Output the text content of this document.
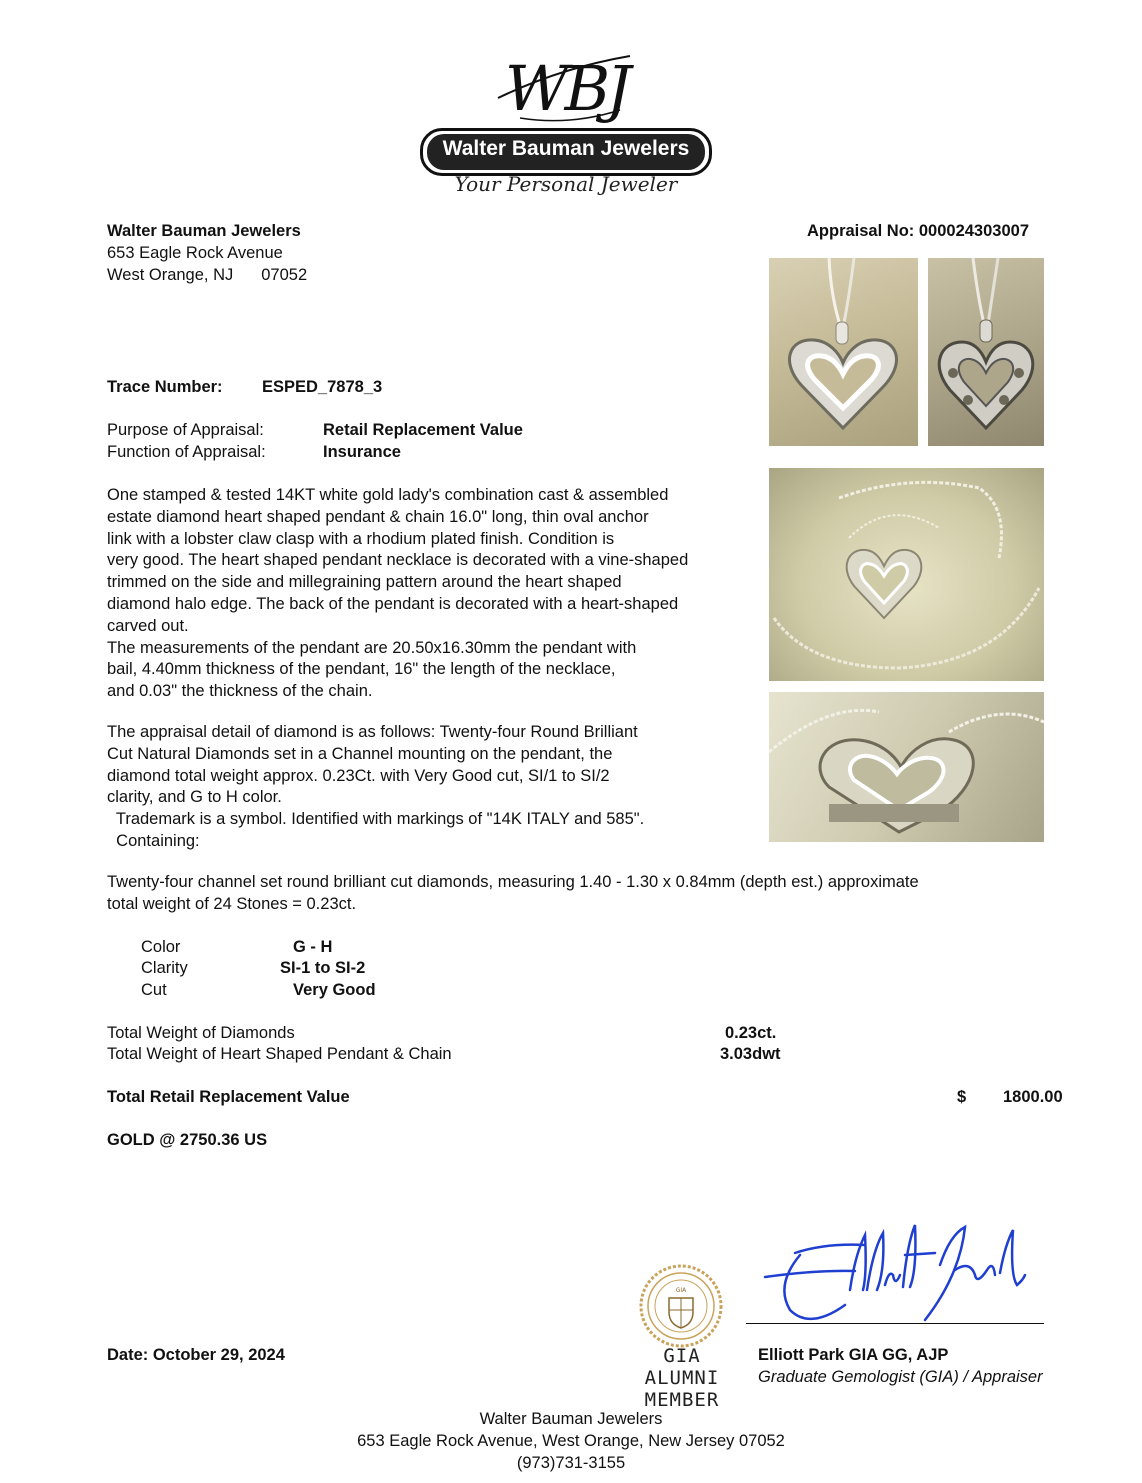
WBJ
Walter Bauman Jewelers
Your Personal Jeweler
Walter Bauman Jewelers
653 Eagle Rock Avenue
West Orange, NJ 07052
Appraisal No: 000024303007
Trace Number: ESPED_7878_3
Purpose of Appraisal:	Retail Replacement Value
Function of Appraisal:	Insurance
One stamped & tested 14KT white gold lady's combination cast & assembled
estate diamond heart shaped pendant & chain 16.0" long, thin oval anchor
link with a lobster claw clasp with a rhodium plated finish. Condition is
very good. The heart shaped pendant necklace is decorated with a vine-shaped
trimmed on the side and millegraining pattern around the heart shaped
diamond halo edge. The back of the pendant is decorated with a heart-shaped
carved out.
The measurements of the pendant are 20.50x16.30mm the pendant with
bail, 4.40mm thickness of the pendant, 16" the length of the necklace,
and 0.03" the thickness of the chain.
The appraisal detail of diamond is as follows: Twenty-four Round Brilliant
Cut Natural Diamonds set in a Channel mounting on the pendant, the
diamond total weight approx. 0.23Ct. with Very Good cut, SI/1 to SI/2
clarity, and G to H color.
Trademark is a symbol. Identified with markings of "14K ITALY and 585".
Containing:
Twenty-four channel set round brilliant cut diamonds, measuring 1.40 - 1.30 x 0.84mm (depth est.) approximate
total weight of 24 Stones = 0.23ct.
Color	G - H
Clarity	SI-1 to SI-2
Cut	Very Good
Total Weight of Diamonds	0.23ct.
Total Weight of Heart Shaped Pendant & Chain	3.03dwt
Total Retail Replacement Value	$ 1800.00
GOLD @ 2750.36 US
Elliott Park GIA GG, AJP
Graduate Gemologist (GIA) / Appraiser
GIA
GIA ALUMNI
MEMBER
Date: October 29, 2024
Walter Bauman Jewelers
653 Eagle Rock Avenue, West Orange, New Jersey 07052
(973)731-3155
